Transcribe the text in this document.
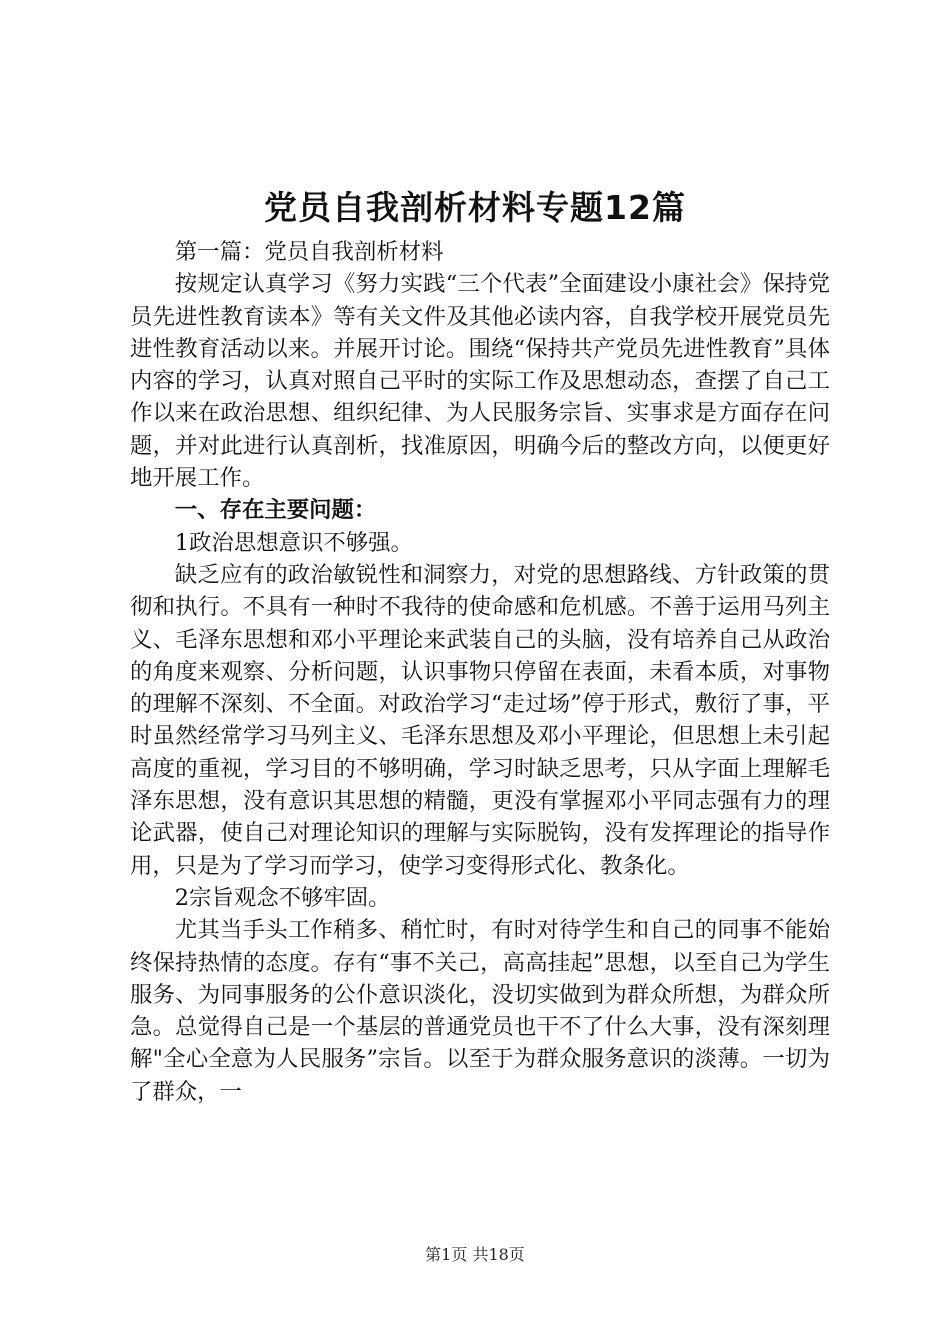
党员自我剖析材料专题12篇

第一篇：党员自我剖析材料

按规定认真学习《努力实践“三个代表”全面建设小康社会》保持党员先进性教育读本》等有关文件及其他必读内容，自我学校开展党员先进性教育活动以来。并展开讨论。围绕“保持共产党员先进性教育”具体内容的学习，认真对照自己平时的实际工作及思想动态，查摆了自己工作以来在政治思想、组织纪律、为人民服务宗旨、实事求是方面存在问题，并对此进行认真剖析，找准原因，明确今后的整改方向，以便更好地开展工作。

一、存在主要问题：

1政治思想意识不够强。

缺乏应有的政治敏锐性和洞察力，对党的思想路线、方针政策的贯彻和执行。不具有一种时不我待的使命感和危机感。不善于运用马列主义、毛泽东思想和邓小平理论来武装自己的头脑，没有培养自己从政治的角度来观察、分析问题，认识事物只停留在表面，未看本质，对事物的理解不深刻、不全面。对政治学习“走过场”停于形式，敷衍了事，平时虽然经常学习马列主义、毛泽东思想及邓小平理论，但思想上未引起高度的重视，学习目的不够明确，学习时缺乏思考，只从字面上理解毛泽东思想，没有意识其思想的精髓，更没有掌握邓小平同志强有力的理论武器，使自己对理论知识的理解与实际脱钩，没有发挥理论的指导作用，只是为了学习而学习，使学习变得形式化、教条化。

2宗旨观念不够牢固。

尤其当手头工作稍多、稍忙时，有时对待学生和自己的同事不能始终保持热情的态度。存有“事不关己，高高挂起”思想，以至自己为学生服务、为同事服务的公仆意识淡化，没切实做到为群众所想，为群众所急。总觉得自己是一个基层的普通党员也干不了什么大事，没有深刻理解"全心全意为人民服务”宗旨。以至于为群众服务意识的淡薄。一切为了群众，一

第1页 共18页
